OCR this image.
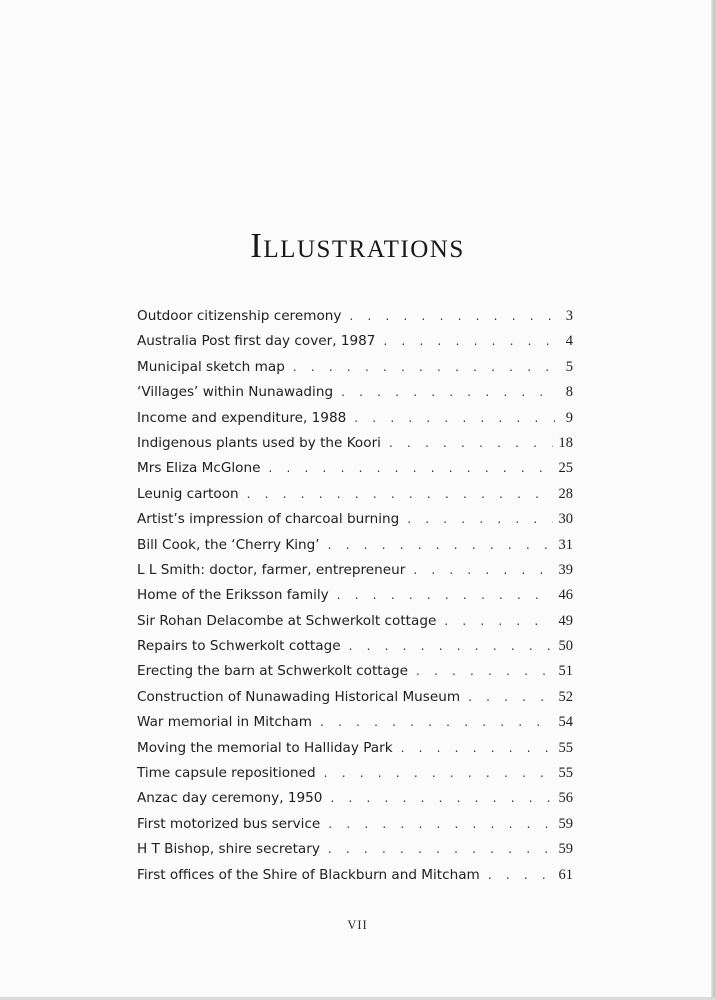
Illustrations
Outdoor citizenship ceremony . . .	3
Australia Post first day cover, 1987 . . .	4
Municipal sketch map . . .	5
‘Villages’ within Nunawading . . .	8
Income and expenditure, 1988 . . .	9
Indigenous plants used by the Koori . . .	18
Mrs Eliza McGlone . . .	25
Leunig cartoon . . .	28
Artist’s impression of charcoal burning . . .	30
Bill Cook, the ‘Cherry King’ . . .	31
L L Smith: doctor, farmer, entrepreneur . . .	39
Home of the Eriksson family . . .	46
Sir Rohan Delacombe at Schwerkolt cottage . . .	49
Repairs to Schwerkolt cottage . . .	50
Erecting the barn at Schwerkolt cottage . . .	51
Construction of Nunawading Historical Museum . . .	52
War memorial in Mitcham . . .	54
Moving the memorial to Halliday Park . . .	55
Time capsule repositioned . . .	55
Anzac day ceremony, 1950 . . .	56
First motorized bus service . . .	59
H T Bishop, shire secretary . . .	59
First offices of the Shire of Blackburn and Mitcham . . .	61
VII
